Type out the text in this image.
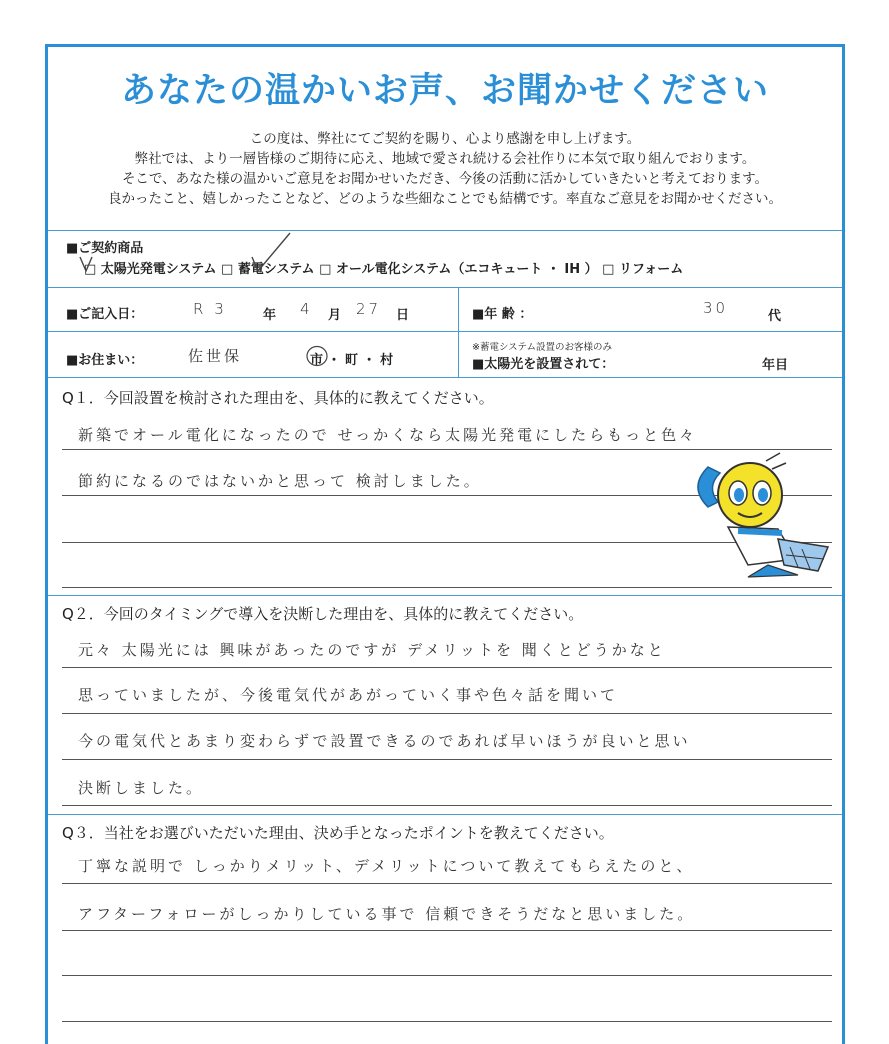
あなたの温かいお声、お聞かせください
この度は、弊社にてご契約を賜り、心より感謝を申し上げます。
弊社では、より一層皆様のご期待に応え、地域で愛され続ける会社作りに本気で取り組んでおります。
そこで、あなた様の温かいご意見をお聞かせいただき、今後の活動に活かしていきたいと考えております。
良かったこと、嬉しかったことなど、どのような些細なことでも結構です。率直なご意見をお聞かせください。
■ご契約商品
□ 太陽光発電システム □ 蓄電システム □ オール電化システム（エコキュート ・ IH ） □ リフォーム
■ご記入日：	R 3	年 4 月 27 日	■年 齢 ：	30	代
■お住まい：	佐世保	市 ・ 町 ・ 村
※蓄電システム設置のお客様のみ
■太陽光を設置されて：	年目
Q１．今回設置を検討された理由を、具体的に教えてください。
新築でオール電化になったので せっかくなら太陽光発電にしたらもっと色々
節約になるのではないかと思って 検討しました。
Q２．今回のタイミングで導入を決断した理由を、具体的に教えてください。
元々 太陽光には 興味があったのですが デメリットを 聞くとどうかなと
思っていましたが、今後電気代があがっていく事や色々話を聞いて
今の電気代とあまり変わらずで設置できるのであれば早いほうが良いと思い
決断しました。
Q３．当社をお選びいただいた理由、決め手となったポイントを教えてください。
丁寧な説明で しっかりメリット、デメリットについて教えてもらえたのと、
アフターフォローがしっかりしている事で 信頼できそうだなと思いました。
